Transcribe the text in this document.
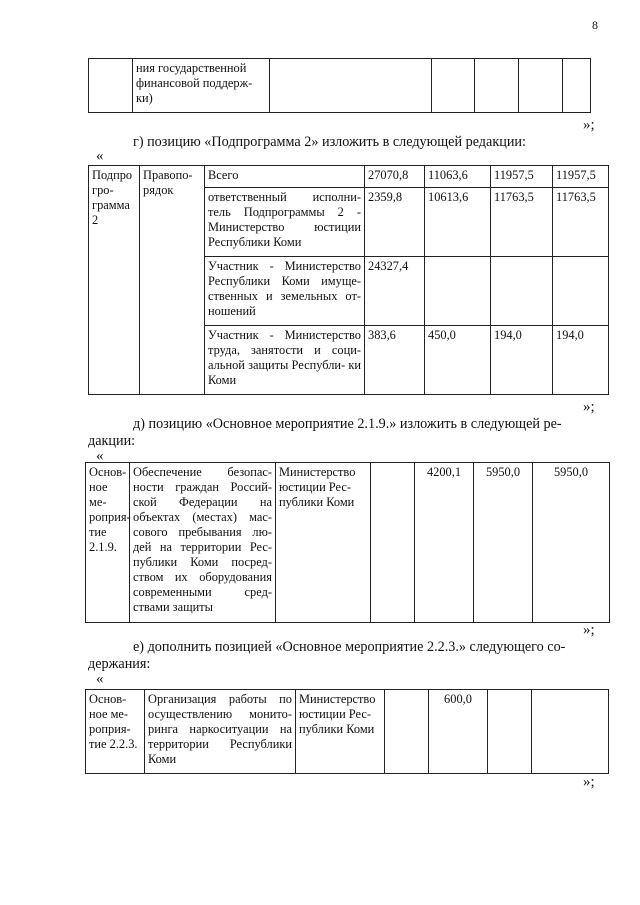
8
	ния государственной финансовой поддерж- ки)					
»;
г) позицию «Подпрограмма 2» изложить в следующей редакции:
«
Подпро гро- грамма 2	Правопо- рядок	Всего	27070,8	11063,6	11957,5	11957,5
		ответственный исполни- тель Подпрограммы 2 - Министерство юстиции Республики Коми	2359,8	10613,6	11763,5	11763,5
		Участник - Министерство Республики Коми имуще- ственных и земельных от- ношений	24327,4			
		Участник - Министерство труда, занятости и соци- альной защиты Республи- ки Коми	383,6	450,0	194,0	194,0
»;
д) позицию «Основное мероприятие 2.1.9.» изложить в следующей ре-
дакции:
«
Основ- ное ме- роприя- тие 2.1.9.	Обеспечение безопас- ности граждан Россий- ской Федерации на объектах (местах) мас- сового пребывания лю- дей на территории Рес- публики Коми посред- ством их оборудования современными сред- ствами защиты	Министерство юстиции Рес- публики Коми		4200,1	5950,0	5950,0
»;
е) дополнить позицией «Основное мероприятие 2.2.3.» следующего со-
держания:
«
Основ- ное ме- роприя- тие 2.2.3.	Организация работы по осуществлению монито- ринга наркоситуации на территории Республики Коми	Министерство юстиции Рес- публики Коми		600,0		
»;
